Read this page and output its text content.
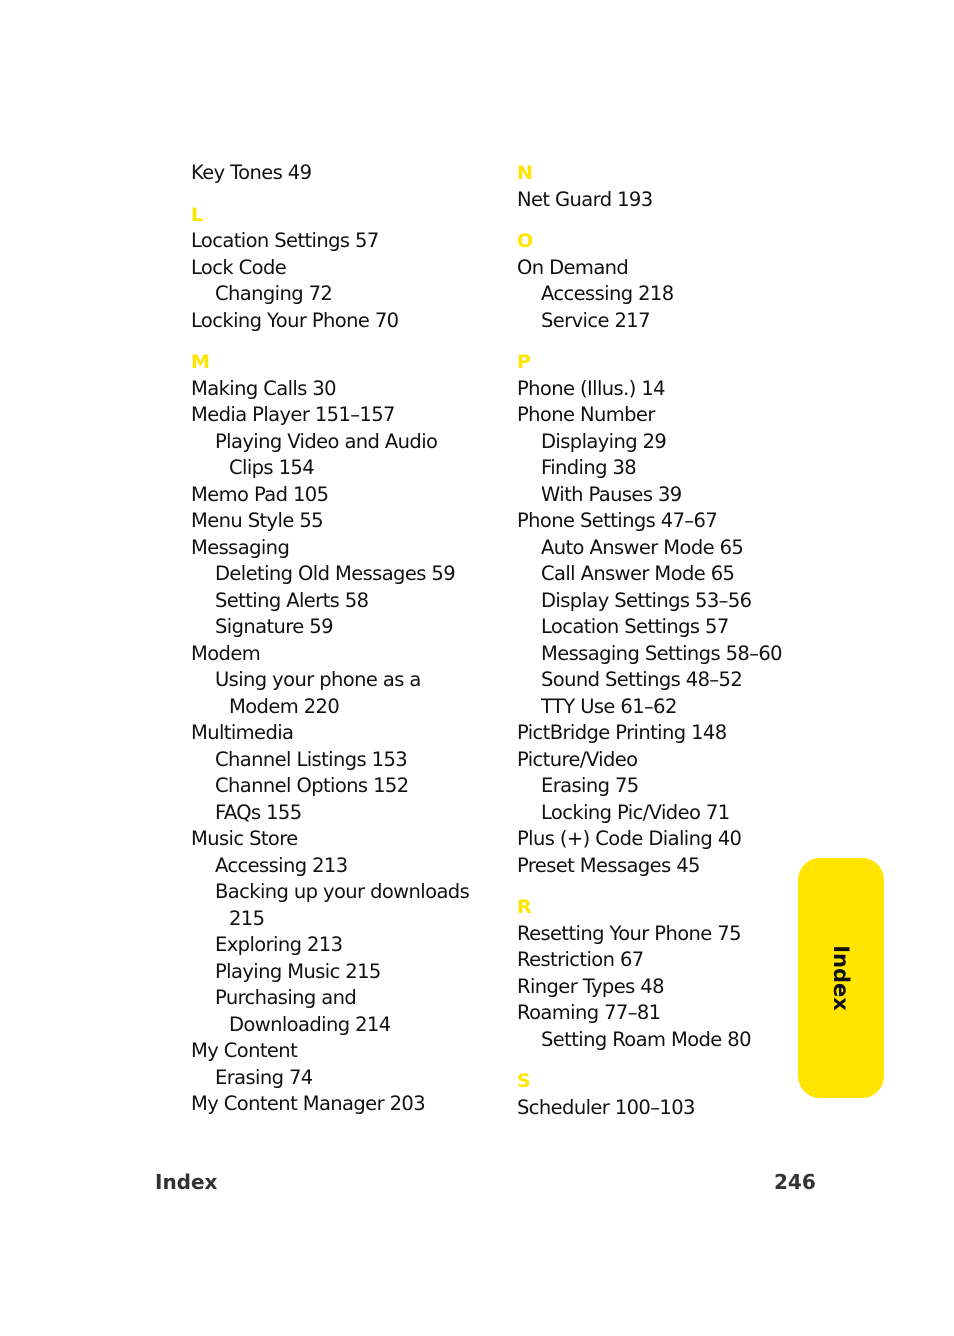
Key Tones 49
L
Location Settings 57
Lock Code
Changing 72
Locking Your Phone 70
M
Making Calls 30
Media Player 151–157
Playing Video and Audio
Clips 154
Memo Pad 105
Menu Style 55
Messaging
Deleting Old Messages 59
Setting Alerts 58
Signature 59
Modem
Using your phone as a
Modem 220
Multimedia
Channel Listings 153
Channel Options 152
FAQs 155
Music Store
Accessing 213
Backing up your downloads
215
Exploring 213
Playing Music 215
Purchasing and
Downloading 214
My Content
Erasing 74
My Content Manager 203
N
Net Guard 193
O
On Demand
Accessing 218
Service 217
P
Phone (Illus.) 14
Phone Number
Displaying 29
Finding 38
With Pauses 39
Phone Settings 47–67
Auto Answer Mode 65
Call Answer Mode 65
Display Settings 53–56
Location Settings 57
Messaging Settings 58–60
Sound Settings 48–52
TTY Use 61–62
PictBridge Printing 148
Picture/Video
Erasing 75
Locking Pic/Video 71
Plus (+) Code Dialing 40
Preset Messages 45
R
Resetting Your Phone 75
Restriction 67
Ringer Types 48
Roaming 77–81
Setting Roam Mode 80
S
Scheduler 100–103
Index
Index	246
